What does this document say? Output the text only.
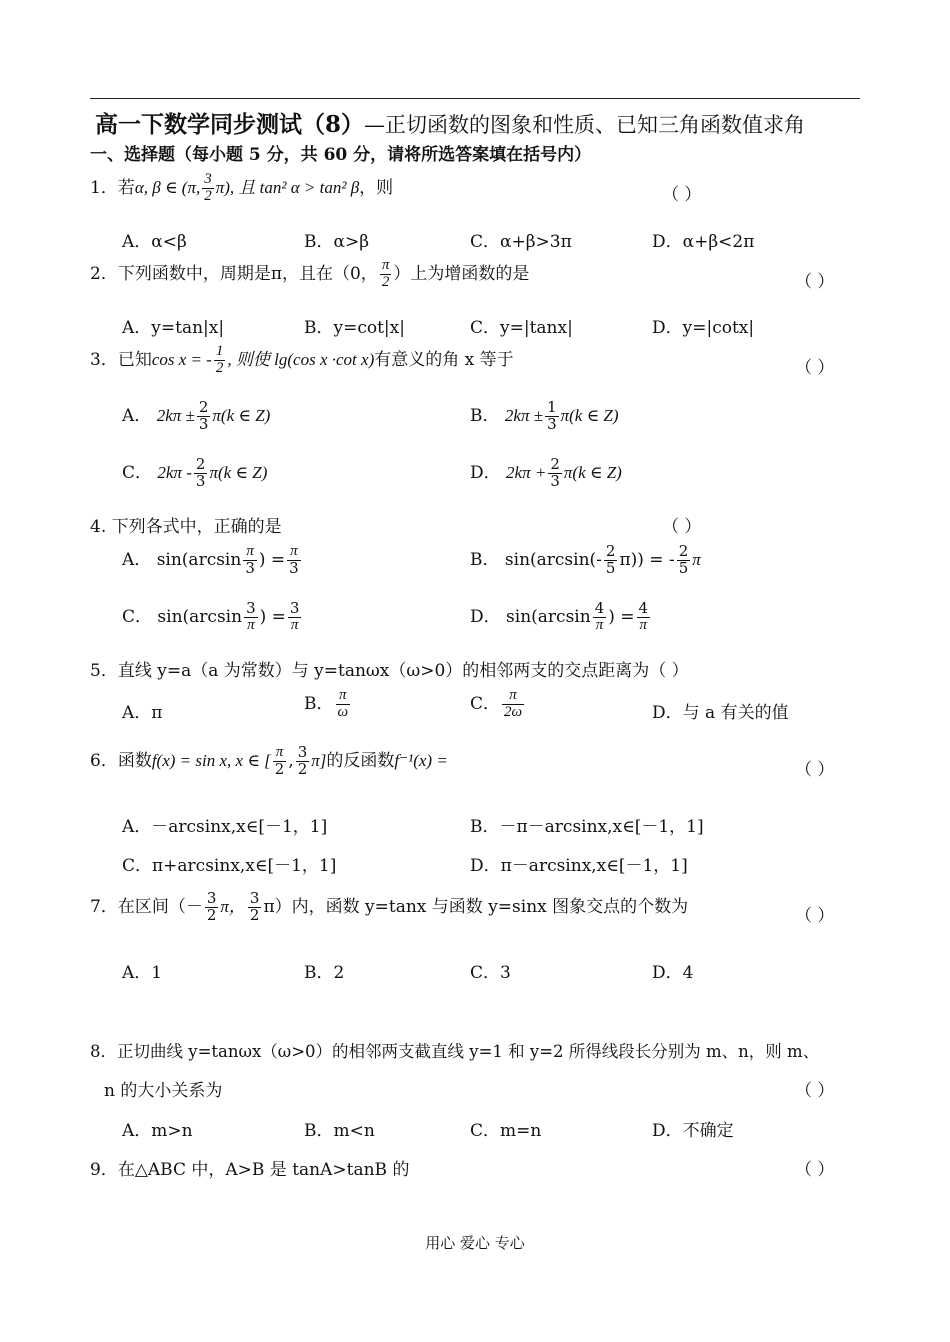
高一下数学同步测试（8）—正切函数的图象和性质、已知三角函数值求角
一、选择题（每小题 5 分，共 60 分，请将所选答案填在括号内）
1．若α, β ∈ (π, $\frac{3}{2} \pi$), 且 tan² α > tan² β，则	（ ）
A．α<β	B．α>β	C．α+β>3π	D．α+β<2π
2．下列函数中，周期是π，且在（0， $\frac{\pi}{2}$ ）上为增函数的是	（ ）
A．y=tan|x|	B．y=cot|x|	C．y=|tanx|	D．y=|cotx|
3．已知cos x = - $\frac{1}{2}$ , 则使 lg(cos x ·cot x)有意义的角 x 等于	（ ）
A． $2k\pi \pm \frac{2}{3} \pi(k$ ∈ Z)	B． $2k\pi \pm \frac{1}{3} \pi(k$ ∈ Z)
C． $2k\pi - \frac{2}{3} \pi(k$ ∈ Z)	D． $2k\pi + \frac{2}{3} \pi(k$ ∈ Z)
4. 下列各式中，正确的是	（ ）
A． $\sin(\arcsin \frac{\pi}{3}$ ) = $\frac{\pi}{3}$	B． $\sin(\arcsin(- \frac{2}{5} \pi))$ = - $\frac{2}{5}$ π
C． $\sin(\arcsin \frac{3}{\pi}$ ) = $\frac{3}{\pi}$	D． $\sin(\arcsin \frac{4}{\pi}$ ) = $\frac{4}{\pi}$
5．直线 y=a（a 为常数）与 y=tanωx（ω>0）的相邻两支的交点距离为（ ）
A．π	B． $\frac{\pi}{\omega}$	C． $\frac{\pi}{2\omega}$	D．与 a 有关的值
6．函数f(x) = sin x, x ∈ [ $\frac{\pi}{2}$ , $\frac{3}{2} \pi$]的反函数f⁻¹(x) =	（ ）
A．－arcsinx,x∈[－1，1]	B．－π－arcsinx,x∈[－1，1]
C．π+arcsinx,x∈[－1，1]	D．π－arcsinx,x∈[－1，1]
7．在区间（－ $\frac{3}{2}$ π， $\frac{3}{2} \pi$）内，函数 y=tanx 与函数 y=sinx 图象交点的个数为	（ ）
A．1	B．2	C．3	D．4
8．正切曲线 y=tanωx（ω>0）的相邻两支截直线 y=1 和 y=2 所得线段长分别为 m、n，则 m、
n 的大小关系为	（ ）
A．m>n	B．m<n	C．m=n	D．不确定
9．在△ABC 中，A>B 是 tanA>tanB 的	（ ）
用心 爱心 专心
